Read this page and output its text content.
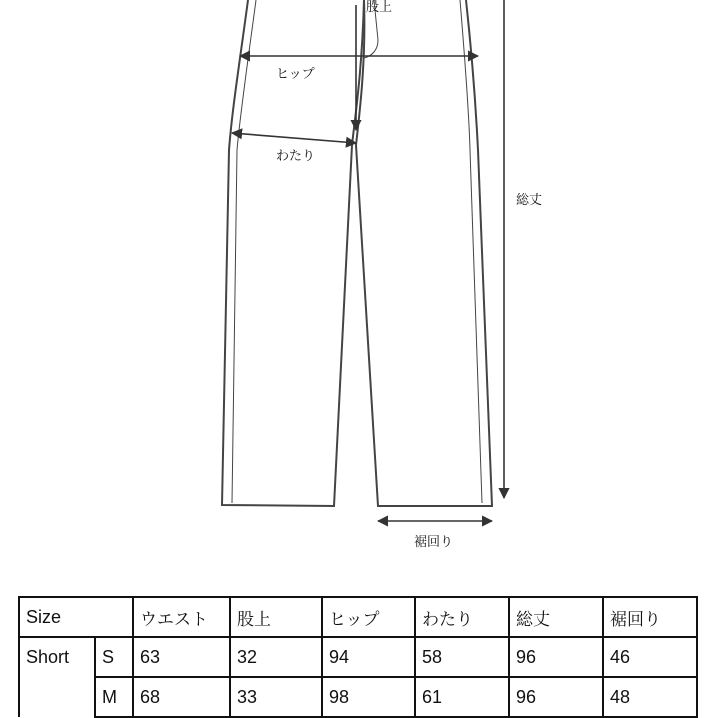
股上
ヒップ
わたり
総丈
裾回り
Size		ウエスト	股上	ヒップ	わたり	総丈	裾回り
Short	S	63	32	94	58	96	46
	M	68	33	98	61	96	48
